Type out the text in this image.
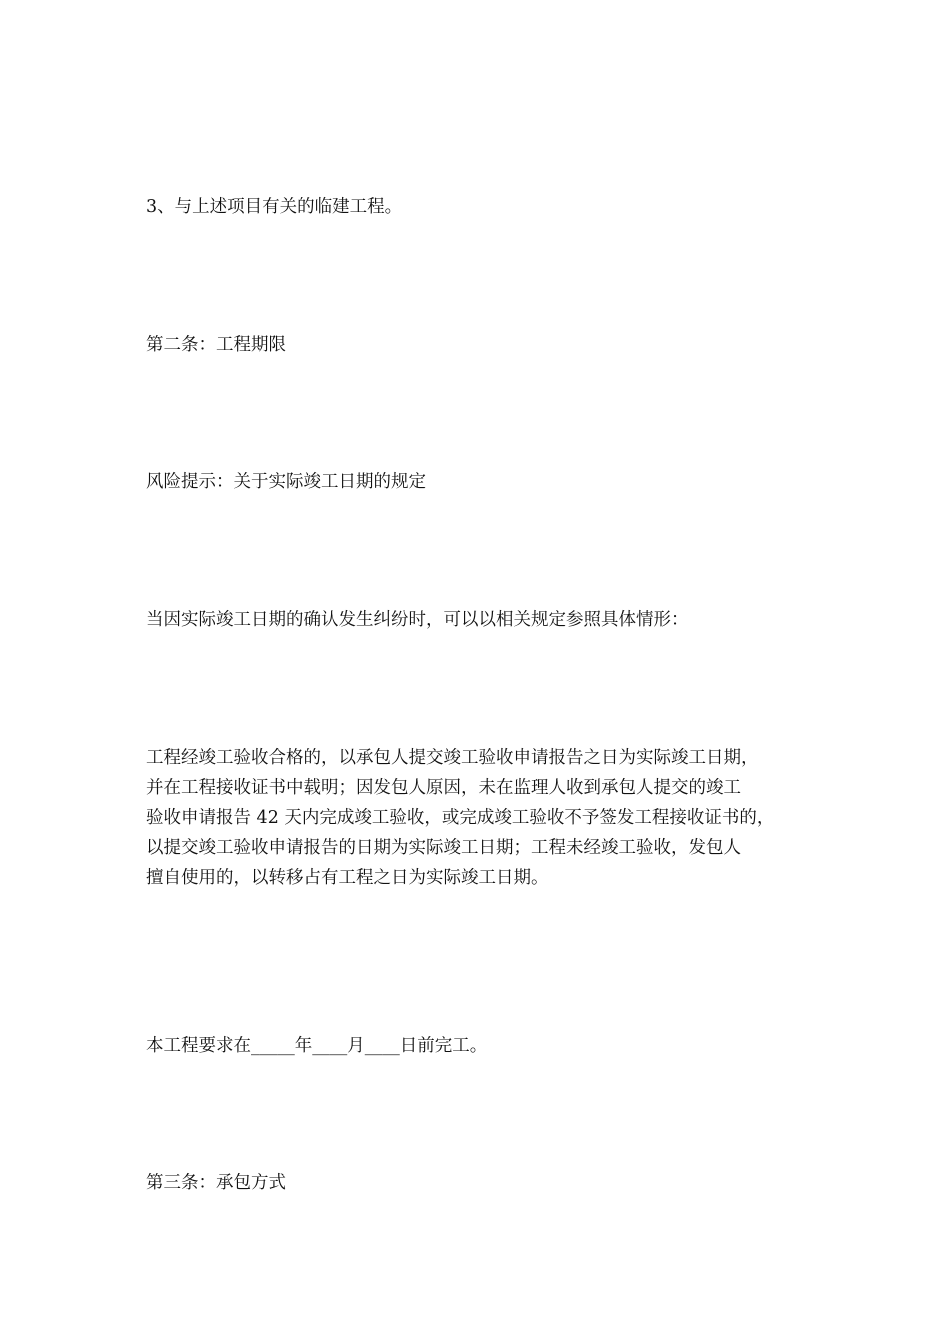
3、与上述项目有关的临建工程。

第二条：工程期限

风险提示：关于实际竣工日期的规定

当因实际竣工日期的确认发生纠纷时，可以以相关规定参照具体情形：

工程经竣工验收合格的，以承包人提交竣工验收申请报告之日为实际竣工日期，
并在工程接收证书中载明；因发包人原因，未在监理人收到承包人提交的竣工
验收申请报告 42 天内完成竣工验收，或完成竣工验收不予签发工程接收证书的，
以提交竣工验收申请报告的日期为实际竣工日期；工程未经竣工验收，发包人
擅自使用的，以转移占有工程之日为实际竣工日期。

本工程要求在_____年____月____日前完工。

第三条：承包方式
